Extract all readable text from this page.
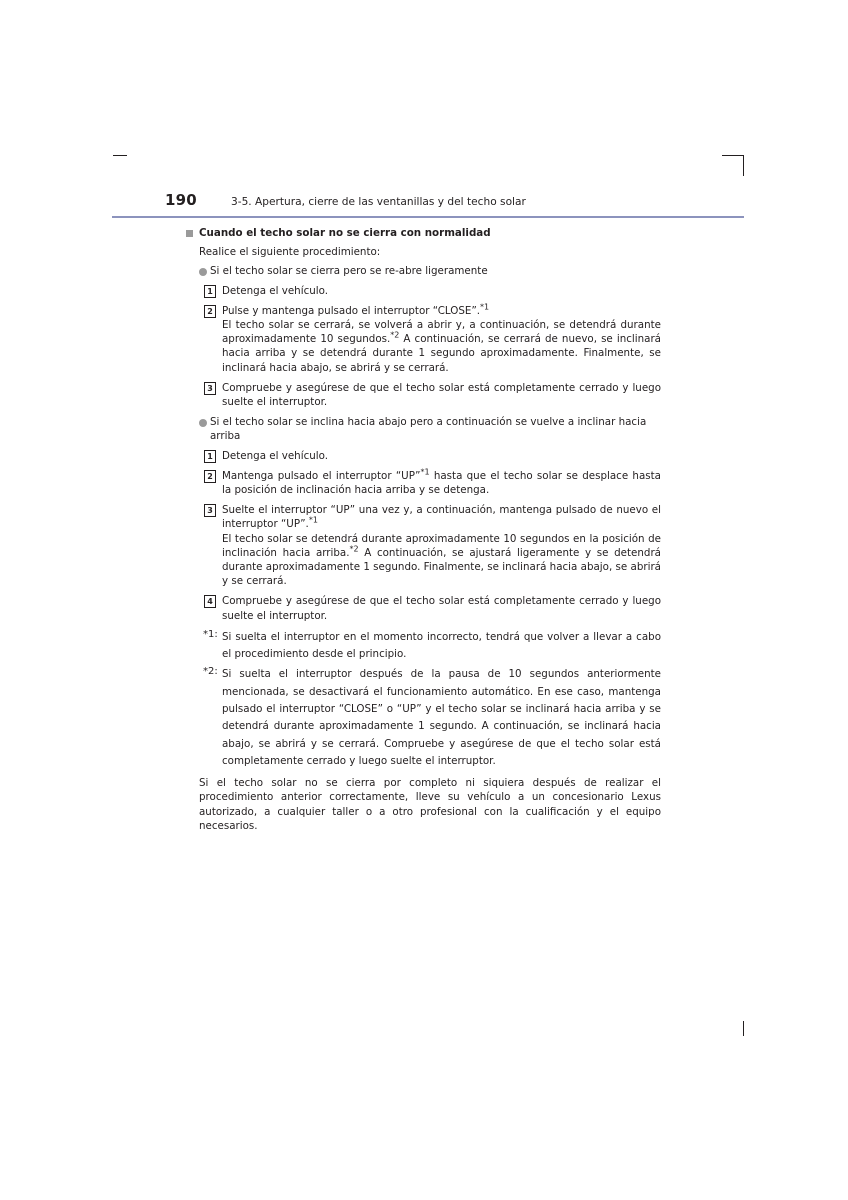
190	3-5. Apertura, cierre de las ventanillas y del techo solar
Cuando el techo solar no se cierra con normalidad
Realice el siguiente procedimiento:
Si el techo solar se cierra pero se re-abre ligeramente
1 Detenga el vehículo.
2 Pulse y mantenga pulsado el interruptor “CLOSE”.$^{*1}$
El techo solar se cerrará, se volverá a abrir y, a continuación, se detendrá durante aproximadamente 10 segundos.$^{*2}$ A continuación, se cerrará de nuevo, se inclinará hacia arriba y se detendrá durante 1 segundo aproximadamente. Finalmente, se inclinará hacia abajo, se abrirá y se cerrará.
3 Compruebe y asegúrese de que el techo solar está completamente cerrado y luego suelte el interruptor.
Si el techo solar se inclina hacia abajo pero a continuación se vuelve a inclinar hacia arriba
1 Detenga el vehículo.
2 Mantenga pulsado el interruptor “UP”$^{*1}$ hasta que el techo solar se desplace hasta la posición de inclinación hacia arriba y se detenga.
3 Suelte el interruptor “UP” una vez y, a continuación, mantenga pulsado de nuevo el interruptor “UP”.$^{*1}$
El techo solar se detendrá durante aproximadamente 10 segundos en la posición de inclinación hacia arriba.$^{*2}$ A continuación, se ajustará ligeramente y se detendrá durante aproximadamente 1 segundo. Finalmente, se inclinará hacia abajo, se abrirá y se cerrará.
4 Compruebe y asegúrese de que el techo solar está completamente cerrado y luego suelte el interruptor.
*1: Si suelta el interruptor en el momento incorrecto, tendrá que volver a llevar a cabo el procedimiento desde el principio.
*2: Si suelta el interruptor después de la pausa de 10 segundos anteriormente mencionada, se desactivará el funcionamiento automático. En ese caso, mantenga pulsado el interruptor “CLOSE” o “UP” y el techo solar se inclinará hacia arriba y se detendrá durante aproximadamente 1 segundo. A continuación, se inclinará hacia abajo, se abrirá y se cerrará. Compruebe y asegúrese de que el techo solar está completamente cerrado y luego suelte el interruptor.
Si el techo solar no se cierra por completo ni siquiera después de realizar el procedimiento anterior correctamente, lleve su vehículo a un concesionario Lexus autorizado, a cualquier taller o a otro profesional con la cualificación y el equipo necesarios.
